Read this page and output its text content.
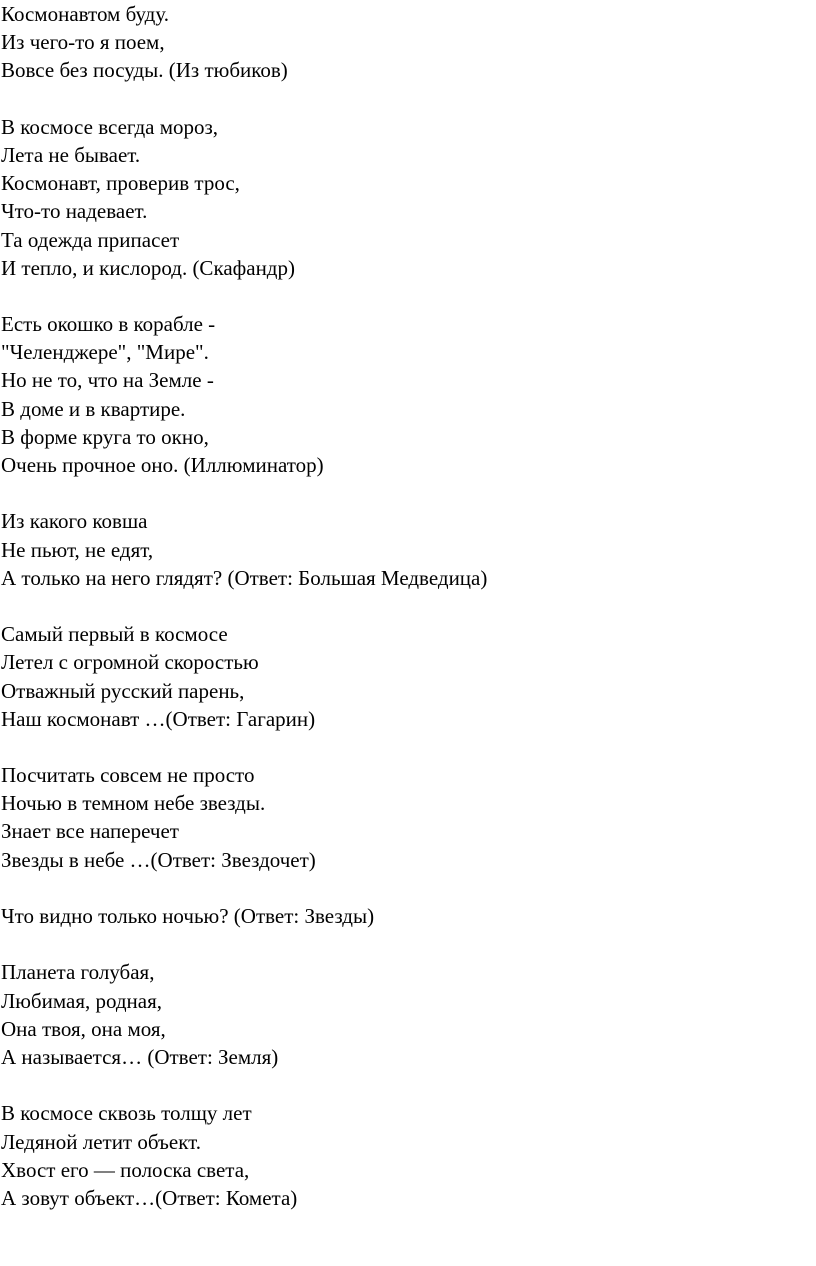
Космонавтом буду.
Из чего-то я поем,
Вовсе без посуды. (Из тюбиков)
В космосе всегда мороз,
Лета не бывает.
Космонавт, проверив трос,
Что-то надевает.
Та одежда припасет
И тепло, и кислород. (Скафандр)
Есть окошко в корабле -
"Челенджере", "Мире".
Но не то, что на Земле -
В доме и в квартире.
В форме круга то окно,
Очень прочное оно. (Иллюминатор)
Из какого ковша
Не пьют, не едят,
А только на него глядят? (Ответ: Большая Медведица)
Самый первый в космосе
Летел с огромной скоростью
Отважный русский парень,
Наш космонавт …(Ответ: Гагарин)
Посчитать совсем не просто
Ночью в темном небе звезды.
Знает все наперечет
Звезды в небе …(Ответ: Звездочет)
Что видно только ночью? (Ответ: Звезды)
Планета голубая,
Любимая, родная,
Она твоя, она моя,
А называется… (Ответ: Земля)
В космосе сквозь толщу лет
Ледяной летит объект.
Хвост его — полоска света,
А зовут объект…(Ответ: Комета)
